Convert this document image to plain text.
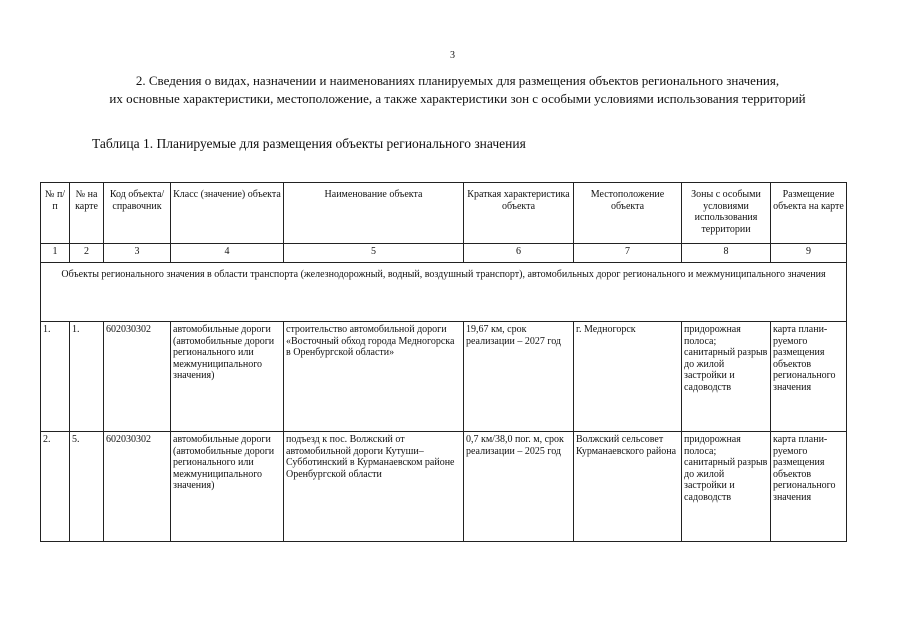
3
2. Сведения о видах, назначении и наименованиях планируемых для размещения объектов регионального значения,
их основные характеристики, местоположение, а также характеристики зон с особыми условиями использования территорий
Таблица 1. Планируемые для размещения объекты регионального значения
№ п/п	№ на карте	Код объекта/ справочник	Класс (значение) объекта	Наименование объекта	Краткая характеристика объекта	Местоположение объекта	Зоны с особыми условиями использования территории	Размещение объекта на карте
1	2	3	4	5	6	7	8	9
Объекты регионального значения в области транспорта (железнодорожный, водный, воздушный транспорт), автомобильных дорог регионального и межмуниципального значения								
1.	1.	602030302	автомобильные дороги (автомобильные дороги регионального или межмуниципального значения)	строительство автомобильной дороги «Восточный обход города Медногорска в Оренбургской области»	19,67 км, срок реализации – 2027 год	г. Медногорск	придорожная полоса; санитарный разрыв до жилой застройки и садоводств	карта плани-руемого размещения объектов регионального значения
2.	5.	602030302	автомобильные дороги (автомобильные дороги регионального или межмуниципального значения)	подъезд к пос. Волжский от автомобильной дороги Кутуши–Субботинский в Курманаевском районе Оренбургской области	0,7 км/38,0 пог. м, срок реализации – 2025 год	Волжский сельсовет Курманаевского района	придорожная полоса; санитарный разрыв до жилой застройки и садоводств	карта плани-руемого размещения объектов регионального значения
